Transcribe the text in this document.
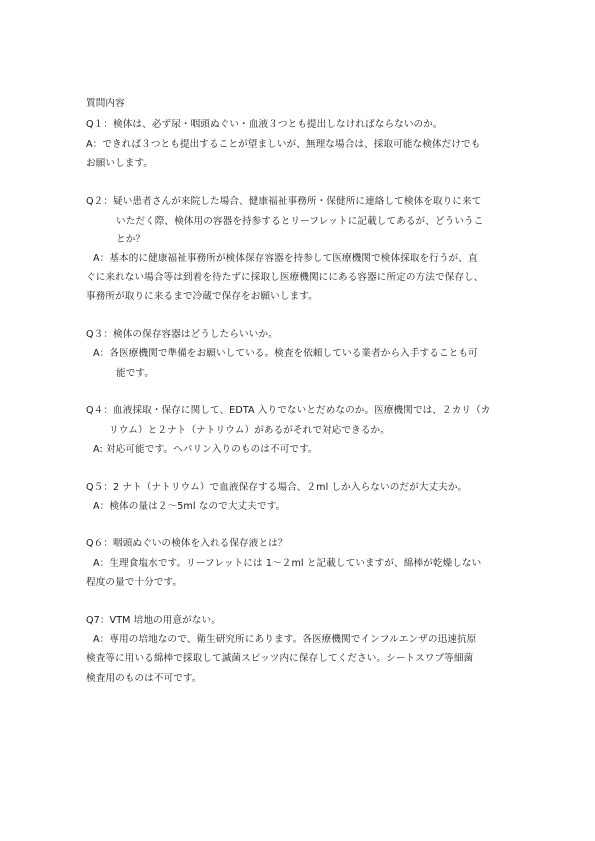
質問内容
Q１：検体は、必ず尿・咽頭ぬぐい・血液３つとも提出しなければならないのか。
A：できれば３つとも提出することが望ましいが、無理な場合は、採取可能な検体だけでも
お願いします。
Q２：疑い患者さんが来院した場合、健康福祉事務所・保健所に連絡して検体を取りに来て
いただく際、検体用の容器を持参するとリーフレットに記載してあるが、どういうこ
とか？
A：基本的に健康福祉事務所が検体保存容器を持参して医療機関で検体採取を行うが、直
ぐに来れない場合等は到着を待たずに採取し医療機関ににある容器に所定の方法で保存し、
事務所が取りに来るまで冷蔵で保存をお願いします。
Q３：検体の保存容器はどうしたらいいか。
A：各医療機関で準備をお願いしている。検査を依頼している業者から入手することも可
能です。
Q４：血液採取・保存に関して、EDTA 入りでないとだめなのか。医療機関では、２カリ（カ
リウム）と２ナト（ナトリウム）があるがそれで対応できるか。
A: 対応可能です。ヘパリン入りのものは不可です。
Q５：2 ナト（ナトリウム）で血液保存する場合、２ml しか入らないのだが大丈夫か。
A：検体の量は２～5ml なので大丈夫です。
Q６：咽頭ぬぐいの検体を入れる保存液とは？
A：生理食塩水です。リーフレットには 1～２ml と記載していますが、綿棒が乾燥しない
程度の量で十分です。
Q7：VTM 培地の用意がない。
A：専用の培地なので、衛生研究所にあります。各医療機関でインフルエンザの迅速抗原
検査等に用いる綿棒で採取して滅菌スピッツ内に保存してください。シートスワブ等細菌
検査用のものは不可です。
